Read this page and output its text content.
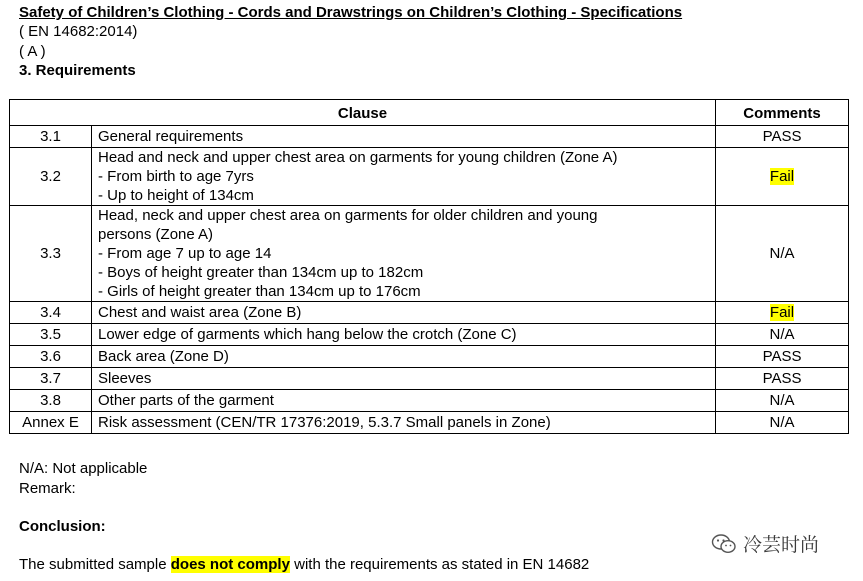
Safety of Children’s Clothing - Cords and Drawstrings on Children’s Clothing - Specifications
( EN 14682:2014)
( A )
3. Requirements
Clause		Comments
3.1	General requirements	PASS
3.2	Head and neck and upper chest area on garments for young children (Zone A)
- From birth to age 7yrs
- Up to height of 134cm	Fail
3.3	Head, neck and upper chest area on garments for older children and young
persons (Zone A)
- From age 7 up to age 14
- Boys of height greater than 134cm up to 182cm
- Girls of height greater than 134cm up to 176cm	N/A
3.4	Chest and waist area (Zone B)	Fail
3.5	Lower edge of garments which hang below the crotch (Zone C)	N/A
3.6	Back area (Zone D)	PASS
3.7	Sleeves	PASS
3.8	Other parts of the garment	N/A
Annex E	Risk assessment (CEN/TR 17376:2019, 5.3.7 Small panels in Zone)	N/A
N/A: Not applicable
Remark:
Conclusion:
The submitted sample does not comply with the requirements as stated in EN 14682
冷芸时尚
